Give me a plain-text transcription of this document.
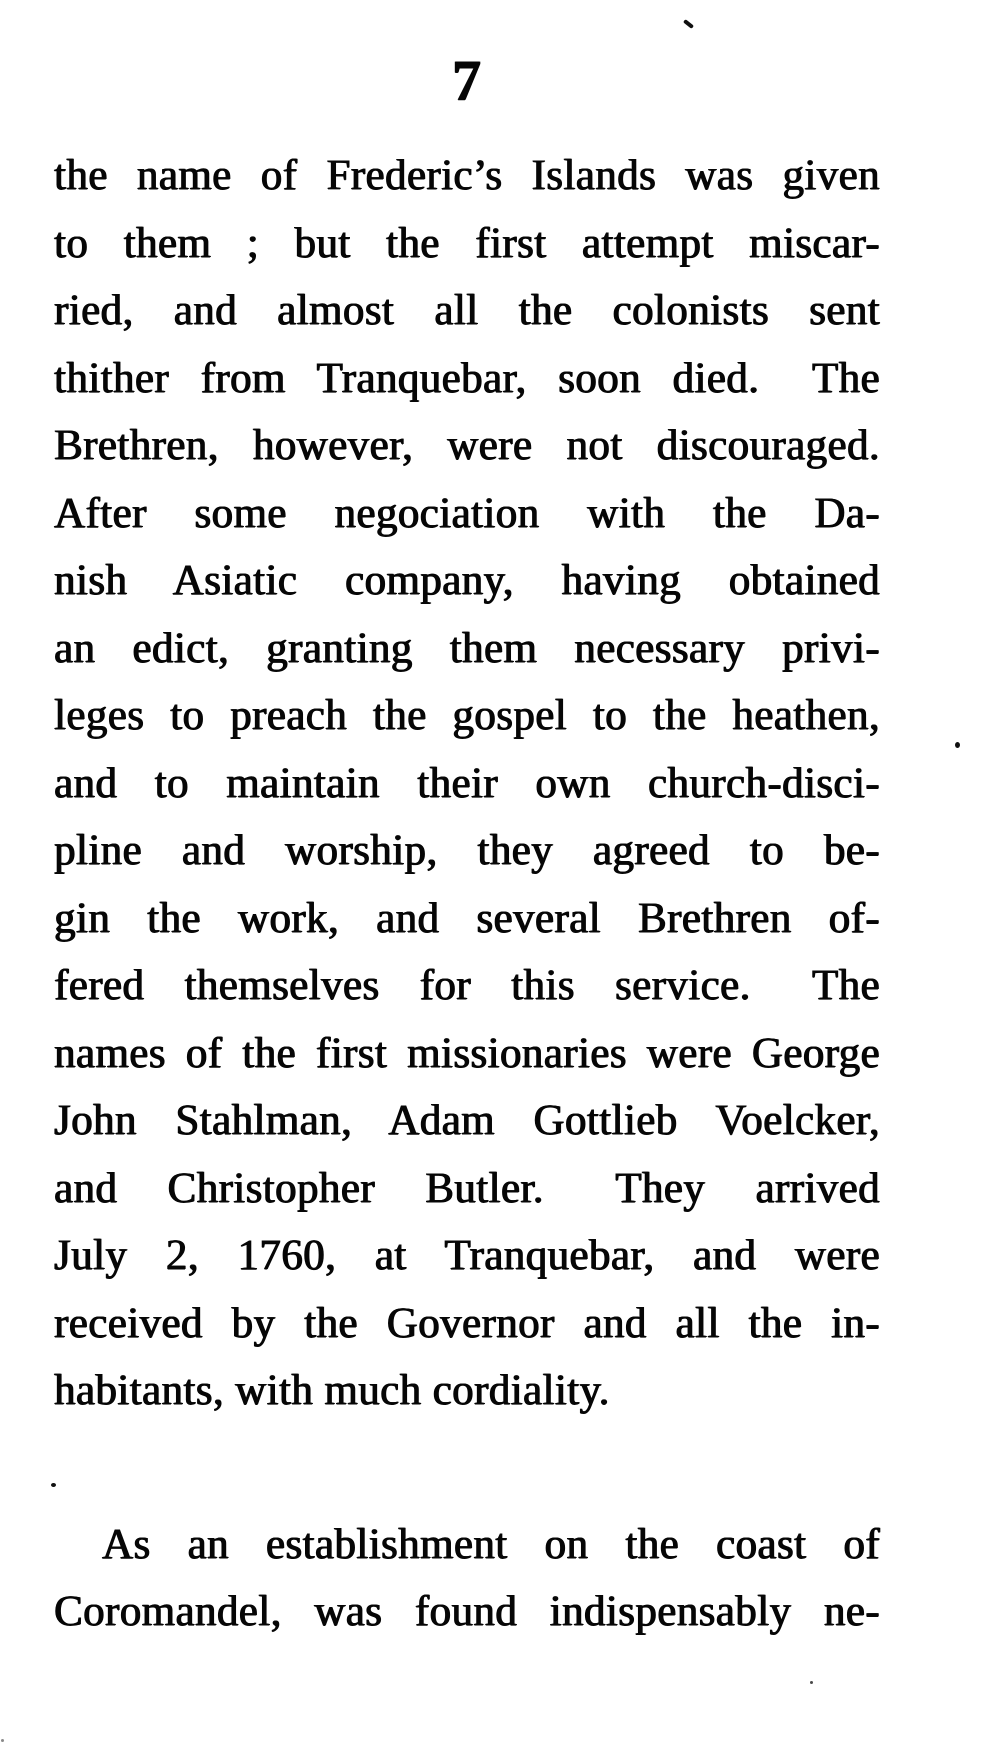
7
the name of Frederic’s Islands was given
to them ; but the first attempt miscar-
ried, and almost all the colonists sent
thither from Tranquebar, soon died.  The
Brethren, however, were not discouraged.
After some negociation with the Da-
nish Asiatic company, having obtained
an edict, granting them necessary privi-
leges to preach the gospel to the heathen,
and to maintain their own church-disci-
pline and worship, they agreed to be-
gin the work, and several Brethren of-
fered themselves for this service.  The
names of the first missionaries were George
John Stahlman, Adam Gottlieb Voelcker,
and Christopher Butler.  They arrived
July 2, 1760, at Tranquebar, and were
received by the Governor and all the in-
habitants, with much cordiality.
As an establishment on the coast of
Coromandel, was found indispensably ne-
